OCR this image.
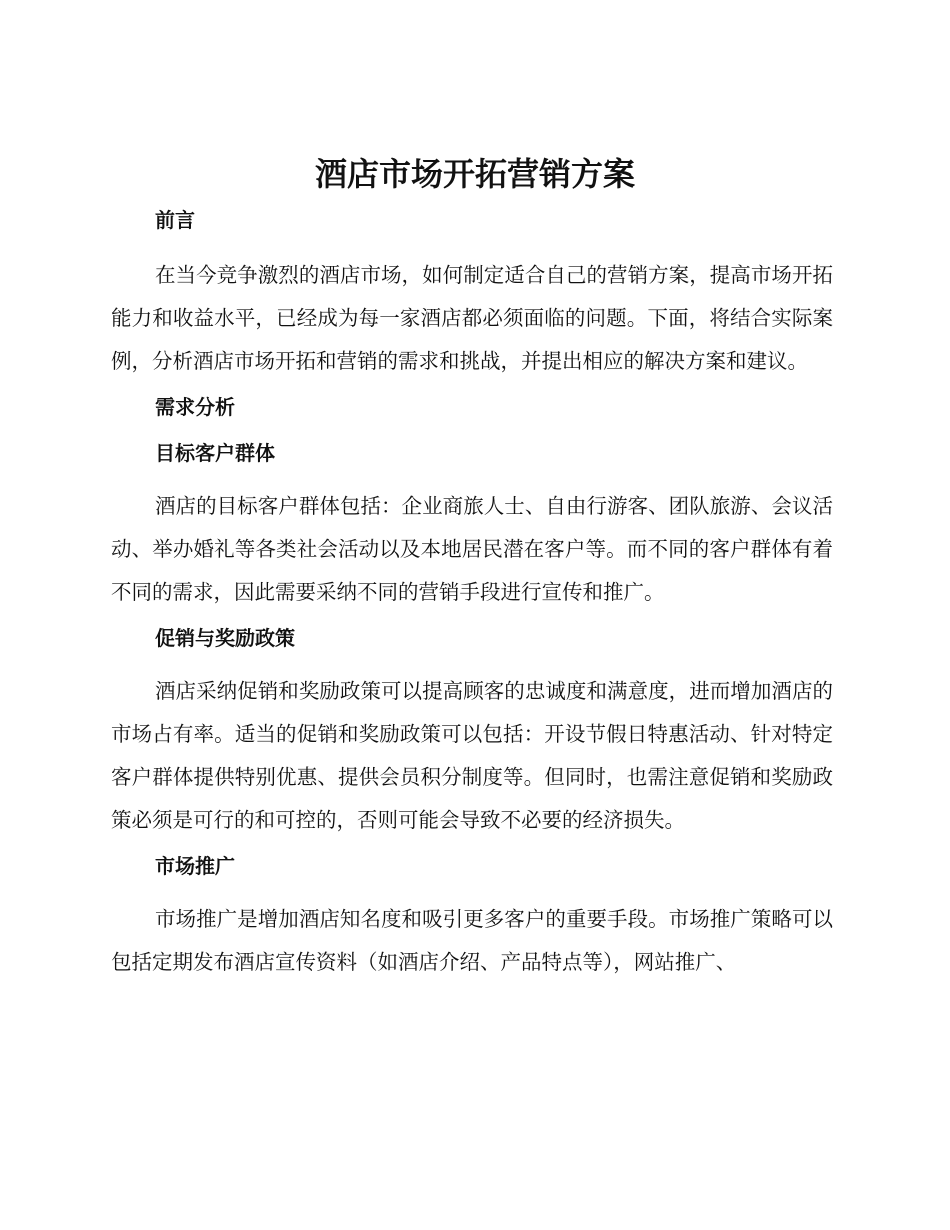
酒店市场开拓营销方案
前言

在当今竞争激烈的酒店市场，如何制定适合自己的营销方案，提高市场开拓能力和收益水平，已经成为每一家酒店都必须面临的问题。下面，将结合实际案例，分析酒店市场开拓和营销的需求和挑战，并提出相应的解决方案和建议。

需求分析
目标客户群体

酒店的目标客户群体包括：企业商旅人士、自由行游客、团队旅游、会议活动、举办婚礼等各类社会活动以及本地居民潜在客户等。而不同的客户群体有着不同的需求，因此需要采纳不同的营销手段进行宣传和推广。

促销与奖励政策

酒店采纳促销和奖励政策可以提高顾客的忠诚度和满意度，进而增加酒店的市场占有率。适当的促销和奖励政策可以包括：开设节假日特惠活动、针对特定客户群体提供特别优惠、提供会员积分制度等。但同时，也需注意促销和奖励政策必须是可行的和可控的，否则可能会导致不必要的经济损失。

市场推广

市场推广是增加酒店知名度和吸引更多客户的重要手段。市场推广策略可以包括定期发布酒店宣传资料（如酒店介绍、产品特点等），网站推广、
